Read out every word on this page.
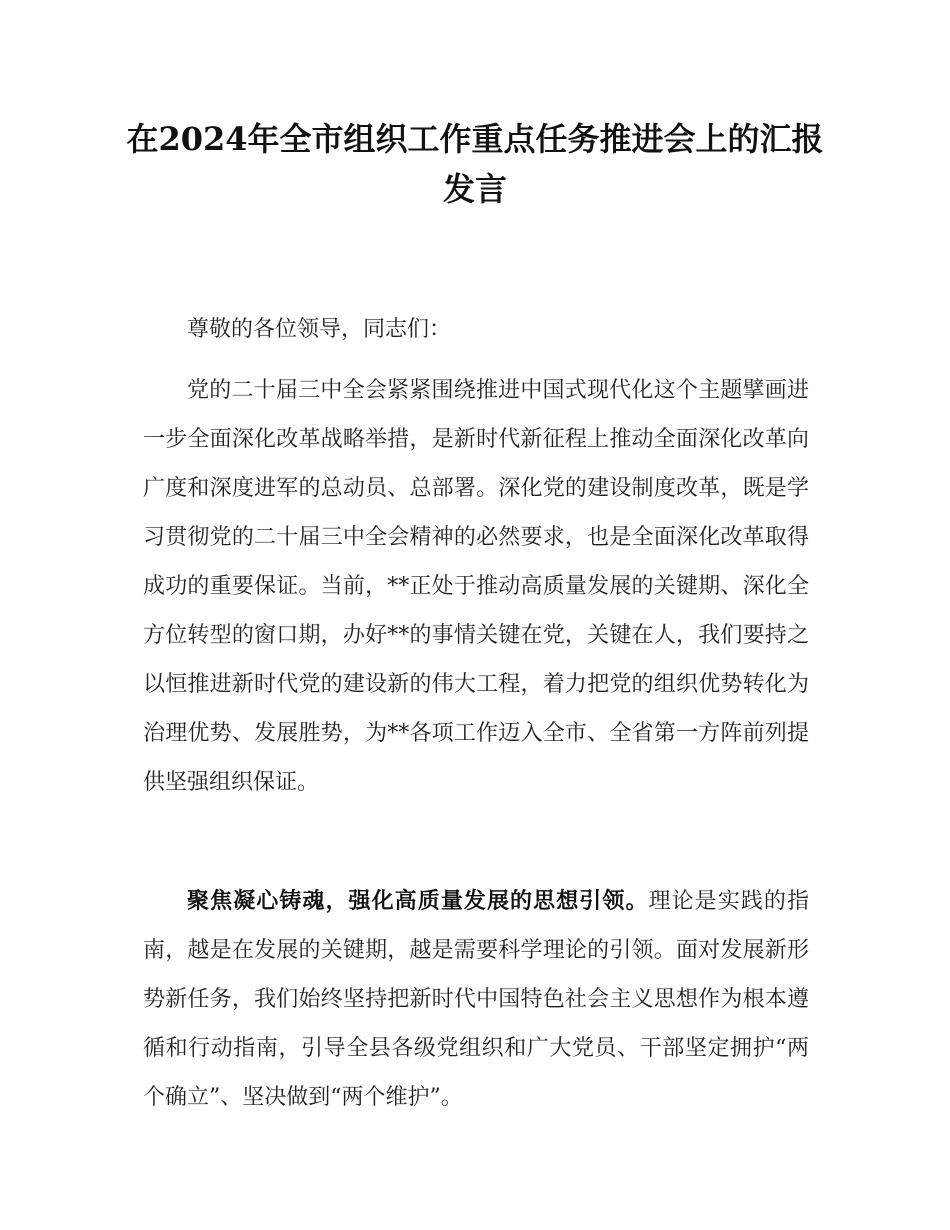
在2024年全市组织工作重点任务推进会上的汇报发言

尊敬的各位领导，同志们：

党的二十届三中全会紧紧围绕推进中国式现代化这个主题擘画进一步全面深化改革战略举措，是新时代新征程上推动全面深化改革向广度和深度进军的总动员、总部署。深化党的建设制度改革，既是学习贯彻党的二十届三中全会精神的必然要求，也是全面深化改革取得成功的重要保证。当前，**正处于推动高质量发展的关键期、深化全方位转型的窗口期，办好**的事情关键在党，关键在人，我们要持之以恒推进新时代党的建设新的伟大工程，着力把党的组织优势转化为治理优势、发展胜势，为**各项工作迈入全市、全省第一方阵前列提供坚强组织保证。

聚焦凝心铸魂，强化高质量发展的思想引领。理论是实践的指南，越是在发展的关键期，越是需要科学理论的引领。面对发展新形势新任务，我们始终坚持把新时代中国特色社会主义思想作为根本遵循和行动指南，引导全县各级党组织和广大党员、干部坚定拥护“两个确立”、坚决做到“两个维护”。
